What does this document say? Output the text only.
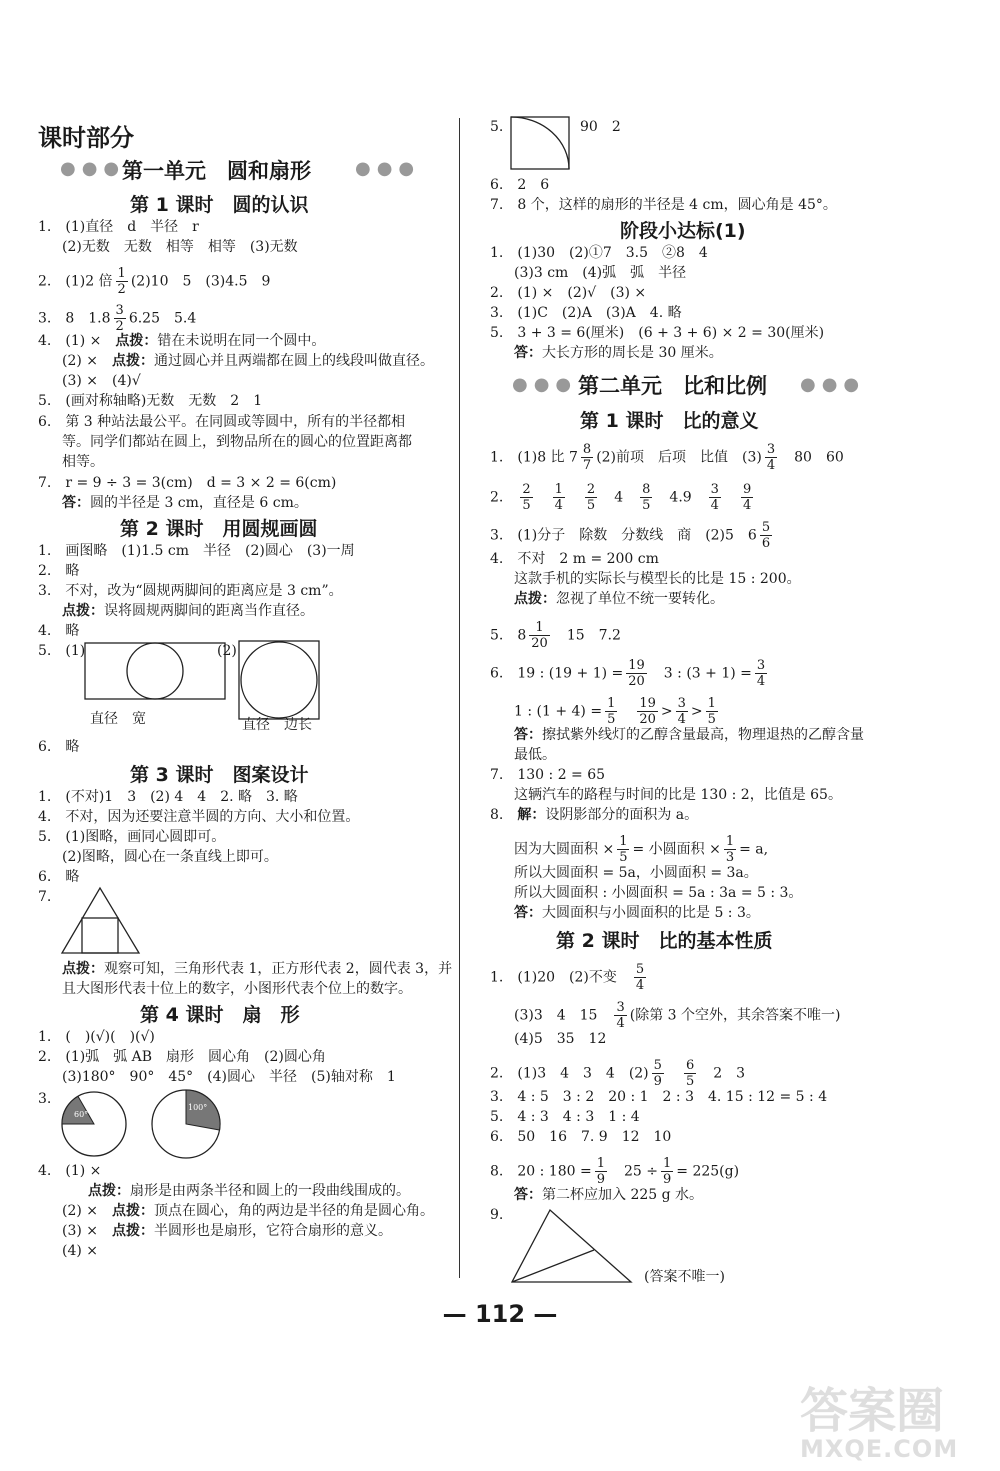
课时部分
●●●
第一单元　圆和扇形 ●●●
第 1 课时　圆的认识
1.　(1)直径　d　半径　r
(2)无数　无数　相等　相等　(3)无数
2.　(1)2 倍 $\frac{1}{2} (2)10$　5　(3)4.5　9
3.　8　$1.8 \frac{3}{2} 6.25$　5.4
4.　(1) ×　 点拨：错在未说明在同一个圆中。
(2) ×　 点拨：通过圆心并且两端都在圆上的线段叫做直径。
(3) ×　(4)√
5.　(画对称轴略)无数　无数　2　1
6.　第 3 种站法最公平。在同圆或等圆中，所有的半径都相
等。同学们都站在圆上，到物品所在的圆心的位置距离都
相等。
7.　r = 9 ÷ 3 = 3(cm)　d = 3 × 2 = 6(cm)
答：圆的半径是 3 cm，直径是 6 cm。
第 2 课时　用圆规画圆
1.　画图略　(1)1.5 cm　半径　(2)圆心　(3)一周
2.　略
3.　不对，改为“圆规两脚间的距离应是 3 cm”。
点拨：误将圆规两脚间的距离当作直径。
4.　略
5.　(1)	(2)
直径　宽	直径　边长
6.　略
第 3 课时　图案设计
1.　(不对)1　3　(2) 4　4　2. 略　3. 略
4.　不对，因为还要注意半圆的方向、大小和位置。
5.　(1)图略，画同心圆即可。
(2)图略，圆心在一条直线上即可。
6.　略
7.
点拨：观察可知，三角形代表 1，正方形代表 2，圆代表 3，并
且大图形代表十位上的数字，小图形代表个位上的数字。
第 4 课时　扇　形
1.　(　)(√)(　)(√)
2.　(1)弧　弧 AB　扇形　圆心角　(2)圆心角
(3)180°　90°　45°　(4)圆心　半径　(5)轴对称　1
3.
60°
100°
4.　(1) ×
点拨：扇形是由两条半径和圆上的一段曲线围成的。
(2) ×　 点拨：顶点在圆心，角的两边是半径的角是圆心角。
(3) ×　 点拨：半圆形也是扇形，它符合扇形的意义。
(4) ×
5.	90　2
6.　2　6
7.　8 个，这样的扇形的半径是 4 cm，圆心角是 45°。
阶段小达标(1)
1.　(1)30　(2)①7　3.5　②8　4
(3)3 cm　(4)弧　弧　半径
2.　(1) ×　(2)√　(3) ×
3.　(1)C　(2)A　(3)A　4. 略
5.　3 + 3 = 6(厘米)　(6 + 3 + 6) × 2 = 30(厘米)
答：大长方形的周长是 30 厘米。
●●● 第二单元　比和比例 ●●●
第 1 课时　比的意义
1.　(1)8 比 $7 \frac{8}{7} (2)$前项　后项　比值　$(3) \frac{3}{4}$
　 80　60
2.　 $\frac{2}{5}$
　 $\frac{1}{4}$
　 $\frac{2}{5}$
　 4　 $\frac{8}{5}$
　 4.9　 $\frac{3}{4}$
　 $\frac{9}{4}$
3.　(1)分子　除数　分数线　商　(2)5　$6 \frac{5}{6}$
4.　不对　2 m = 200 cm
这款手机的实际长与模型长的比是 15 : 200。
点拨：忽视了单位不统一要转化。
5.　$8 \frac{1}{20}$
　 15　7.2
6.　19 : $(19 + 1) = \frac{19}{20}$
　 3 : $(3 + 1) = \frac{3}{4}$
1 : $(1 + 4) = \frac{1}{5}$
　 $\frac{19}{20} > \frac{3}{4} > \frac{1}{5}$
答：擦拭紫外线灯的乙醇含量最高，物理退热的乙醇含量
最低。
7.　130 : 2 = 65
这辆汽车的路程与时间的比是 130 : 2，比值是 65。
8.　 解：设阴影部分的面积为 a。
因为大圆面积 × $\frac{1}{5}$ = 小圆面积 × $\frac{1}{3} = a$,
所以大圆面积 = 5a，小圆面积 = 3a。
所以大圆面积 : 小圆面积 = 5a : 3a = 5 : 3。
答：大圆面积与小圆面积的比是 5 : 3。
第 2 课时　比的基本性质
1.　(1)20　(2)不变　 $\frac{5}{4}$
(3)3　4　15　 $\frac{3}{4}$ (除第 3 个空外，其余答案不唯一)
(4)5　35　12
2.　(1)3　4　3　4　$(2) \frac{5}{9}$
　 $\frac{6}{5}$
　 2　3
3.　4 : 5　3 : 2　20 : 1　2 : 3　4. 15 : 12 = 5 : 4
5.　4 : 3　4 : 3　1 : 4
6.　50　16　7. 9　12　10
8.　20 : $180 = \frac{1}{9}$
　 $25 \div \frac{1}{9} = 225(g)$
答：第二杯应加入 225 g 水。
9.
(答案不唯一)
— 112 —
答案圈
MXQE.COM
